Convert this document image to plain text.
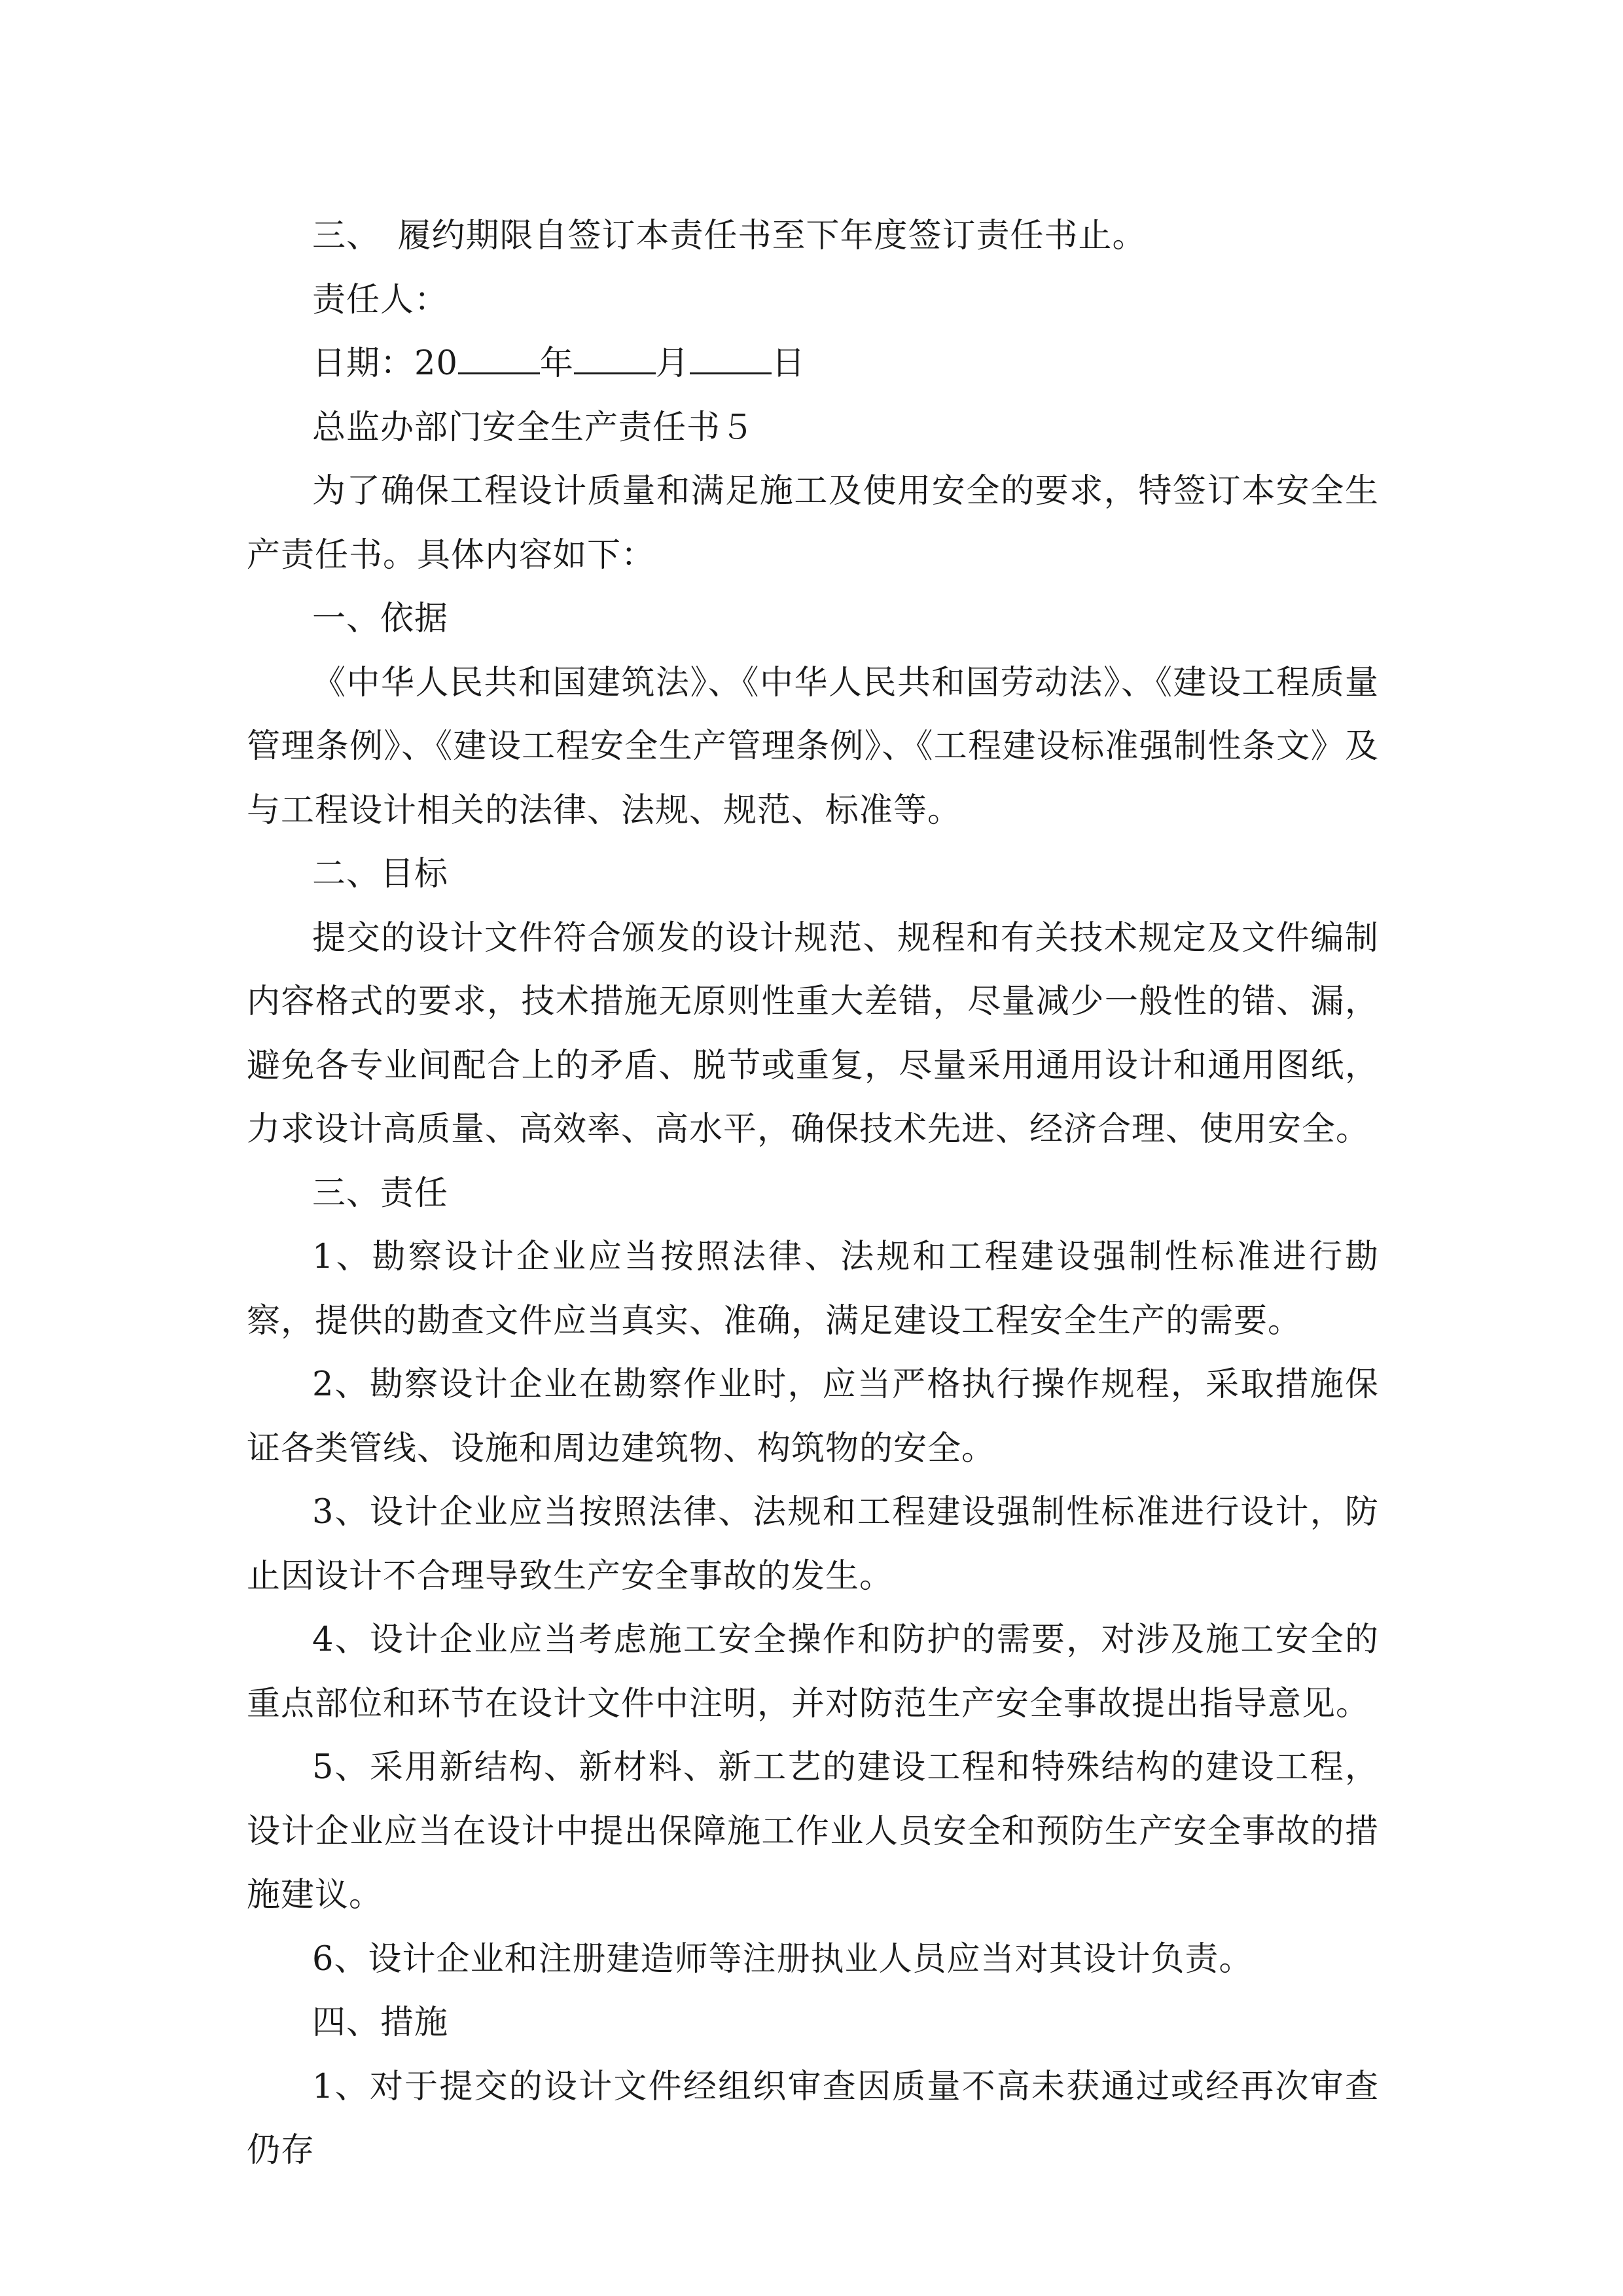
三、　履约期限自签订本责任书至下年度签订责任书止。

责任人：

日期：20 年 月 日

总监办部门安全生产责任书５

为了确保工程设计质量和满足施工及使用安全的要求，特签订本安全生产责任书。具体内容如下：

一、依据

《中华人民共和国建筑法》、《中华人民共和国劳动法》、《建设工程质量管理条例》、《建设工程安全生产管理条例》、《工程建设标准强制性条文》及与工程设计相关的法律、法规、规范、标准等。

二、目标

提交的设计文件符合颁发的设计规范、规程和有关技术规定及文件编制内容格式的要求，技术措施无原则性重大差错，尽量减少一般性的错、漏，避免各专业间配合上的矛盾、脱节或重复，尽量采用通用设计和通用图纸，力求设计高质量、高效率、高水平，确保技术先进、经济合理、使用安全。

三、责任

1、勘察设计企业应当按照法律、法规和工程建设强制性标准进行勘察，提供的勘查文件应当真实、准确，满足建设工程安全生产的需要。

2、勘察设计企业在勘察作业时，应当严格执行操作规程，采取措施保证各类管线、设施和周边建筑物、构筑物的安全。

3、设计企业应当按照法律、法规和工程建设强制性标准进行设计，防止因设计不合理导致生产安全事故的发生。

4、设计企业应当考虑施工安全操作和防护的需要，对涉及施工安全的重点部位和环节在设计文件中注明，并对防范生产安全事故提出指导意见。

5、采用新结构、新材料、新工艺的建设工程和特殊结构的建设工程，设计企业应当在设计中提出保障施工作业人员安全和预防生产安全事故的措施建议。

6、设计企业和注册建造师等注册执业人员应当对其设计负责。

四、措施

1、对于提交的设计文件经组织审查因质量不高未获通过或经再次审查仍存
